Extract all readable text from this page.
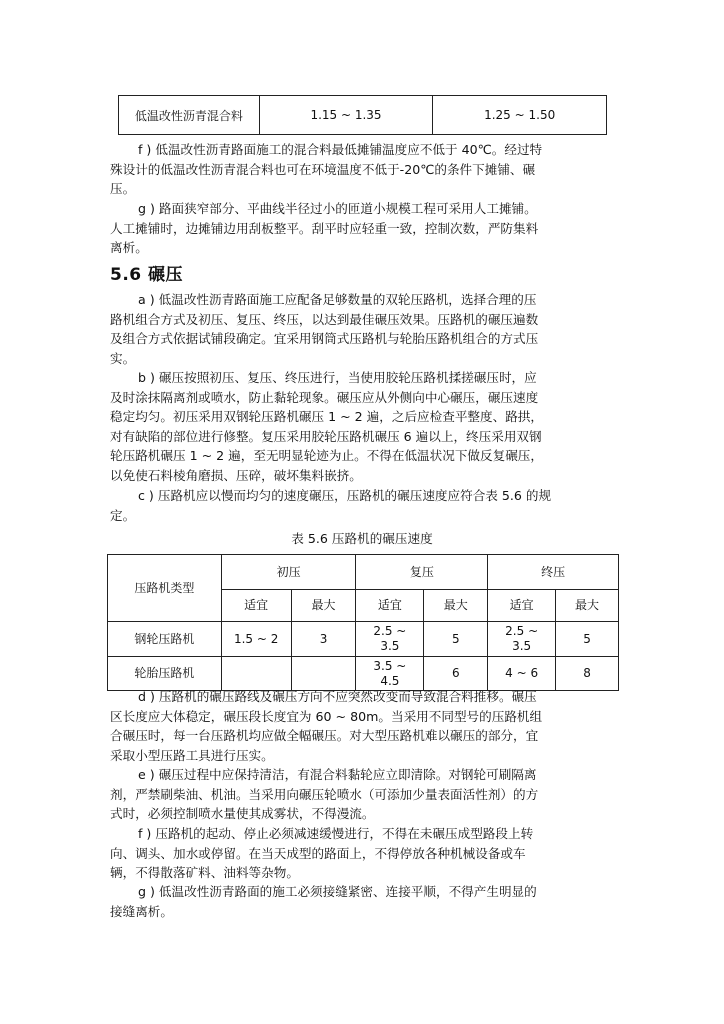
低温改性沥青混合料	1.15 ~ 1.35	1.25 ~ 1.50
f ) 低温改性沥青路面施工的混合料最低摊铺温度应不低于 40℃。经过特
殊设计的低温改性沥青混合料也可在环境温度不低于-20℃的条件下摊铺、碾
压。
g ) 路面狭窄部分、平曲线半径过小的匝道小规模工程可采用人工摊铺。
人工摊铺时，边摊铺边用刮板整平。刮平时应轻重一致，控制次数，严防集料
离析。
5.6 碾压
a ) 低温改性沥青路面施工应配备足够数量的双轮压路机，选择合理的压
路机组合方式及初压、复压、终压，以达到最佳碾压效果。压路机的碾压遍数
及组合方式依据试铺段确定。宜采用钢筒式压路机与轮胎压路机组合的方式压
实。
b ) 碾压按照初压、复压、终压进行，当使用胶轮压路机揉搓碾压时，应
及时涂抹隔离剂或喷水，防止黏轮现象。碾压应从外侧向中心碾压，碾压速度
稳定均匀。初压采用双钢轮压路机碾压 1 ~ 2 遍，之后应检查平整度、路拱，
对有缺陷的部位进行修整。复压采用胶轮压路机碾压 6 遍以上，终压采用双钢
轮压路机碾压 1 ~ 2 遍，至无明显轮迹为止。不得在低温状况下做反复碾压，
以免使石料棱角磨损、压碎，破坏集料嵌挤。
c ) 压路机应以慢而均匀的速度碾压，压路机的碾压速度应符合表 5.6 的规
定。

表 5.6 压路机的碾压速度

压路机类型	初压		复压		终压	
	适宜	最大	适宜	最大	适宜	最大
钢轮压路机	1.5 ~ 2	3	2.5 ~
3.5	5	2.5 ~
3.5	5
轮胎压路机			3.5 ~
4.5	6	4 ~ 6	8
d ) 压路机的碾压路线及碾压方向不应突然改变而导致混合料推移。碾压
区长度应大体稳定，碾压段长度宜为 60 ~ 80m。当采用不同型号的压路机组
合碾压时，每一台压路机均应做全幅碾压。对大型压路机难以碾压的部分，宜
采取小型压路工具进行压实。
e ) 碾压过程中应保持清洁，有混合料黏轮应立即清除。对钢轮可刷隔离
剂，严禁刷柴油、机油。当采用向碾压轮喷水（可添加少量表面活性剂）的方
式时，必须控制喷水量使其成雾状，不得漫流。
f ) 压路机的起动、停止必须减速缓慢进行，不得在未碾压成型路段上转
向、调头、加水或停留。在当天成型的路面上，不得停放各种机械设备或车
辆，不得散落矿料、油料等杂物。
g ) 低温改性沥青路面的施工必须接缝紧密、连接平顺，不得产生明显的
接缝离析。
